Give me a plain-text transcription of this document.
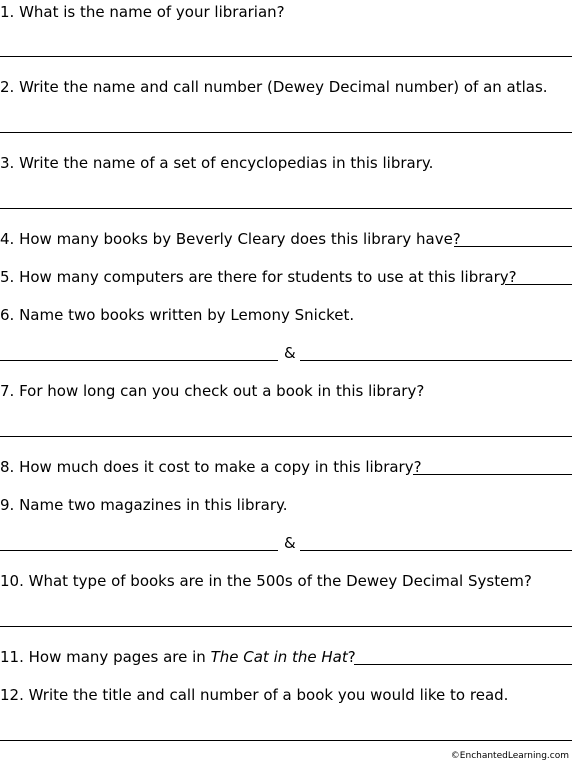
1. What is the name of your librarian?
2. Write the name and call number (Dewey Decimal number) of an atlas.
3. Write the name of a set of encyclopedias in this library.
4. How many books by Beverly Cleary does this library have?
5. How many computers are there for students to use at this library?
6. Name two books written by Lemony Snicket.
&
7. For how long can you check out a book in this library?
8. How much does it cost to make a copy in this library?
9. Name two magazines in this library.
&
10. What type of books are in the 500s of the Dewey Decimal System?
11. How many pages are in The Cat in the Hat?
12. Write the title and call number of a book you would like to read.
©EnchantedLearning.com
